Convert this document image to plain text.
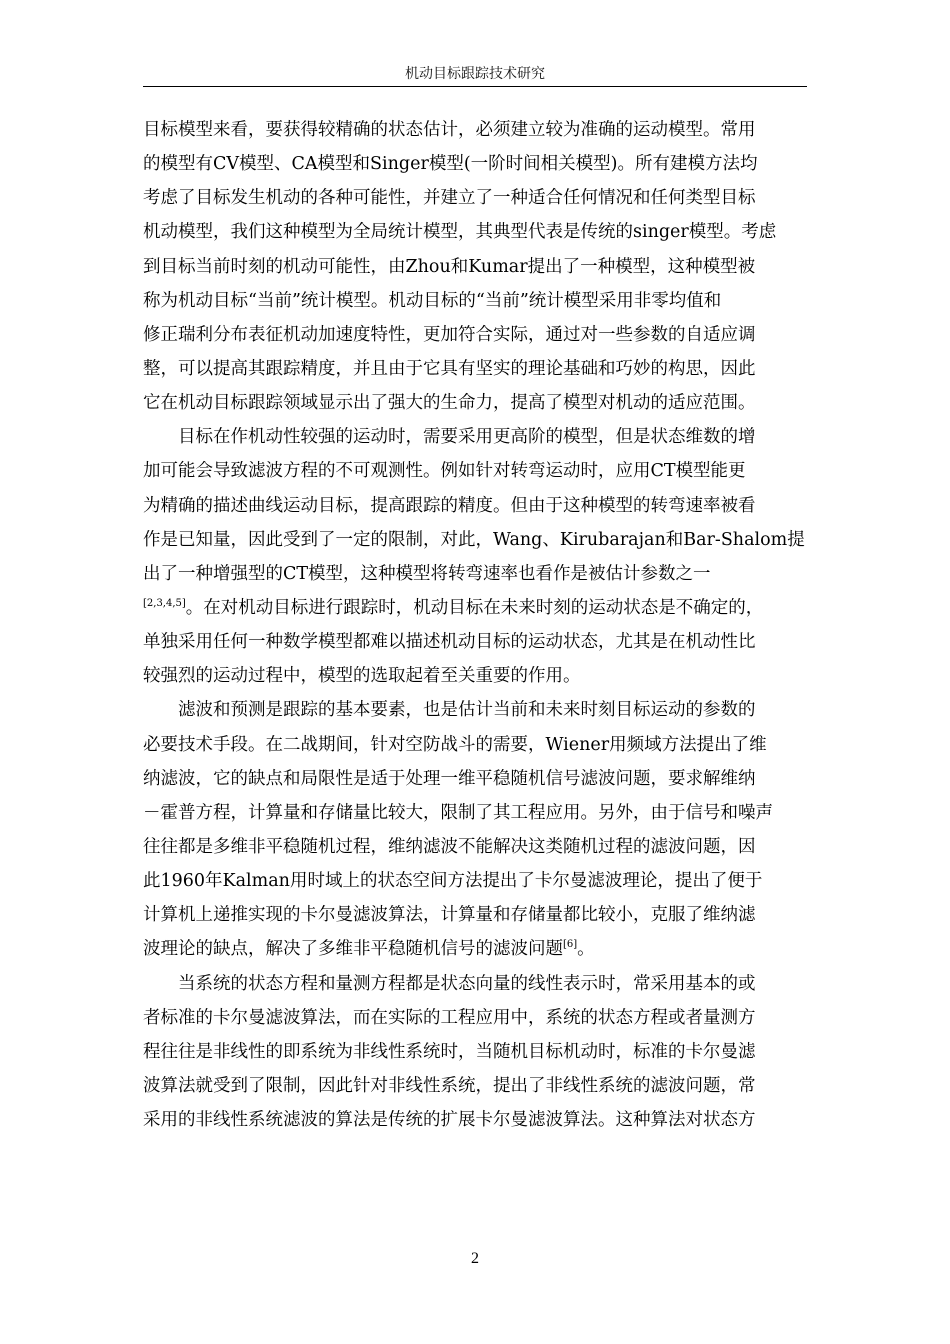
机动目标跟踪技术研究
目标模型来看，要获得较精确的状态估计，必须建立较为准确的运动模型。常用
的模型有CV模型、CA模型和Singer模型(一阶时间相关模型)。所有建模方法均
考虑了目标发生机动的各种可能性，并建立了一种适合任何情况和任何类型目标
机动模型，我们这种模型为全局统计模型，其典型代表是传统的singer模型。考虑
到目标当前时刻的机动可能性，由Zhou和Kumar提出了一种模型，这种模型被
称为机动目标“当前”统计模型。机动目标的“当前”统计模型采用非零均值和
修正瑞利分布表征机动加速度特性，更加符合实际，通过对一些参数的自适应调
整，可以提高其跟踪精度，并且由于它具有坚实的理论基础和巧妙的构思，因此
它在机动目标跟踪领域显示出了强大的生命力，提高了模型对机动的适应范围。
目标在作机动性较强的运动时，需要采用更高阶的模型，但是状态维数的增
加可能会导致滤波方程的不可观测性。例如针对转弯运动时，应用CT模型能更
为精确的描述曲线运动目标，提高跟踪的精度。但由于这种模型的转弯速率被看
作是已知量，因此受到了一定的限制，对此，Wang、Kirubarajan和Bar-Shalom提
出了一种增强型的CT模型，这种模型将转弯速率也看作是被估计参数之一
[2,3,4,5]。在对机动目标进行跟踪时，机动目标在未来时刻的运动状态是不确定的，
单独采用任何一种数学模型都难以描述机动目标的运动状态，尤其是在机动性比
较强烈的运动过程中，模型的选取起着至关重要的作用。
滤波和预测是跟踪的基本要素，也是估计当前和未来时刻目标运动的参数的
必要技术手段。在二战期间，针对空防战斗的需要，Wiener用频域方法提出了维
纳滤波，它的缺点和局限性是适于处理一维平稳随机信号滤波问题，要求解维纳
－霍普方程，计算量和存储量比较大，限制了其工程应用。另外，由于信号和噪声
往往都是多维非平稳随机过程，维纳滤波不能解决这类随机过程的滤波问题，因
此1960年Kalman用时域上的状态空间方法提出了卡尔曼滤波理论，提出了便于
计算机上递推实现的卡尔曼滤波算法，计算量和存储量都比较小，克服了维纳滤
波理论的缺点，解决了多维非平稳随机信号的滤波问题[6]。
当系统的状态方程和量测方程都是状态向量的线性表示时，常采用基本的或
者标准的卡尔曼滤波算法，而在实际的工程应用中，系统的状态方程或者量测方
程往往是非线性的即系统为非线性系统时，当随机目标机动时，标准的卡尔曼滤
波算法就受到了限制，因此针对非线性系统，提出了非线性系统的滤波问题，常
采用的非线性系统滤波的算法是传统的扩展卡尔曼滤波算法。这种算法对状态方
2
